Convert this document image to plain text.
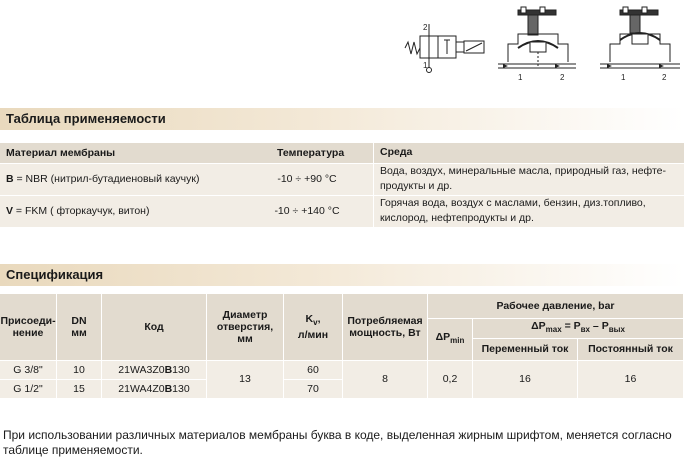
2
1
1	2	1	2
Таблица применяемости
Материал мембраны	Температура	Среда
B = NBR (нитрил-бутадиеновый каучук)	-10 ÷ +90 °C	Вода, воздух, минеральные масла, природный газ, нефте-
продукты и др.
V = FKM ( фторкаучук, витон)	-10 ÷ +140 °C	Горячая вода, воздух с маслами, бензин, диз.топливо,
кислород, нефтепродукты и др.
Спецификация
Присоеди-
нение	DN
мм	Код	Диаметр
отверстия,
мм	$K_v$,
л/мин	Потребляемая
мощность, Вт	Рабочее давление, bar		
						$\Delta P_{min}$	$\Delta P_{max} = P_{вх} - P_{вых}$
							Переменный ток	Постоянный ток
G 3/8"	10	21WA3Z0B130	13	60	8	0,2	16	16
G 1/2"	15	21WA4Z0B130		70				
При использовании различных материалов мембраны буква в коде, выделенная жирным шрифтом, меняется согласно таблице применяемости.
